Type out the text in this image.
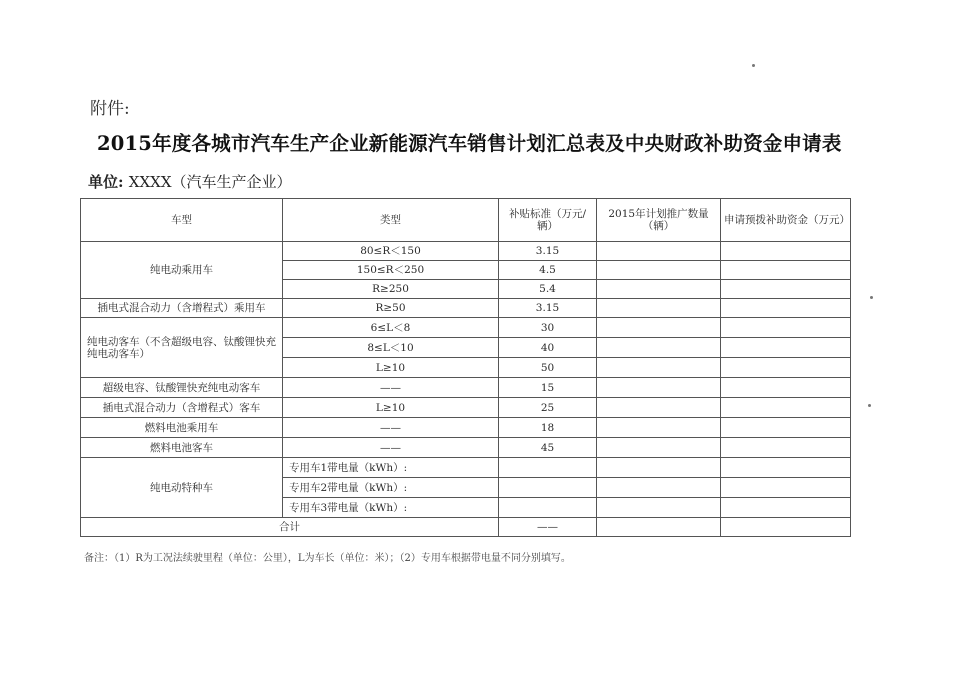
附件:
2015年度各城市汽车生产企业新能源汽车销售计划汇总表及中央财政补助资金申请表
单位: XXXX（汽车生产企业）
车型	类型	补贴标准（万元/辆）	2015年计划推广数量（辆）	申请预拨补助资金（万元）
纯电动乘用车	80≤R＜150	3.15		
	150≤R＜250	4.5		
	R≥250	5.4		
插电式混合动力（含增程式）乘用车	R≥50	3.15		
纯电动客车（不含超级电容、钛酸锂快充纯电动客车）	6≤L＜8	30		
	8≤L＜10	40		
	L≥10	50		
超级电容、钛酸锂快充纯电动客车	——	15		
插电式混合动力（含增程式）客车	L≥10	25		
燃料电池乘用车	——	18		
燃料电池客车	——	45		
纯电动特种车	专用车1带电量（kWh）:			
	专用车2带电量（kWh）:			
	专用车3带电量（kWh）:			
合计		——		
备注：（1）R为工况法续驶里程（单位：公里），L为车长（单位：米）；（2）专用车根据带电量不同分别填写。
